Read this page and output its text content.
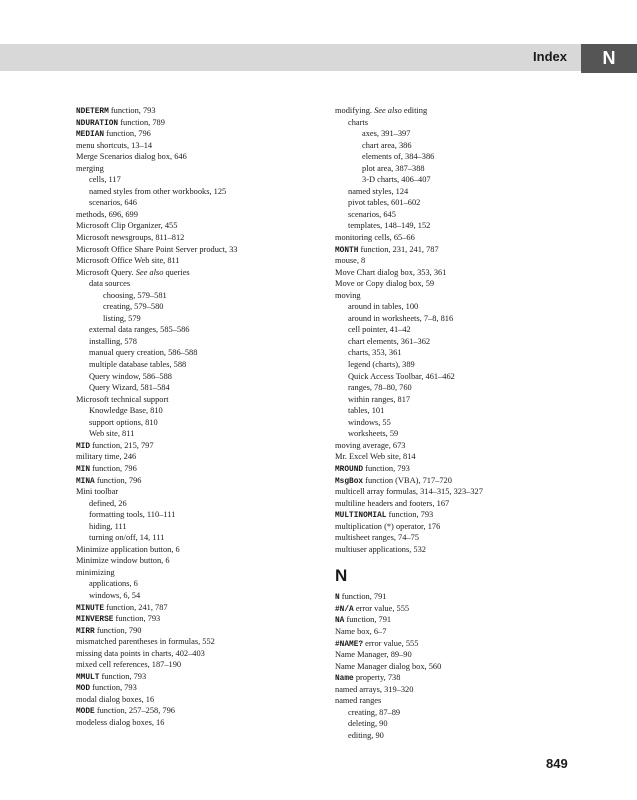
Index	N
NDETERM function, 793
NDURATION function, 789
MEDIAN function, 796
menu shortcuts, 13–14
Merge Scenarios dialog box, 646
merging
cells, 117
named styles from other workbooks, 125
scenarios, 646
methods, 696, 699
Microsoft Clip Organizer, 455
Microsoft newsgroups, 811–812
Microsoft Office Share Point Server product, 33
Microsoft Office Web site, 811
Microsoft Query. See also queries
data sources
choosing, 579–581
creating, 579–580
listing, 579
external data ranges, 585–586
installing, 578
manual query creation, 586–588
multiple database tables, 588
Query window, 586–588
Query Wizard, 581–584
Microsoft technical support
Knowledge Base, 810
support options, 810
Web site, 811
MID function, 215, 797
military time, 246
MIN function, 796
MINA function, 796
Mini toolbar
defined, 26
formatting tools, 110–111
hiding, 111
turning on/off, 14, 111
Minimize application button, 6
Minimize window button, 6
minimizing
applications, 6
windows, 6, 54
MINUTE function, 241, 787
MINVERSE function, 793
MIRR function, 790
mismatched parentheses in formulas, 552
missing data points in charts, 402–403
mixed cell references, 187–190
MMULT function, 793
MOD function, 793
modal dialog boxes, 16
MODE function, 257–258, 796
modeless dialog boxes, 16
modifying. See also editing
charts
axes, 391–397
chart area, 386
elements of, 384–386
plot area, 387–388
3-D charts, 406–407
named styles, 124
pivot tables, 601–602
scenarios, 645
templates, 148–149, 152
monitoring cells, 65–66
MONTH function, 231, 241, 787
mouse, 8
Move Chart dialog box, 353, 361
Move or Copy dialog box, 59
moving
around in tables, 100
around in worksheets, 7–8, 816
cell pointer, 41–42
chart elements, 361–362
charts, 353, 361
legend (charts), 389
Quick Access Toolbar, 461–462
ranges, 78–80, 760
within ranges, 817
tables, 101
windows, 55
worksheets, 59
moving average, 673
Mr. Excel Web site, 814
MROUND function, 793
MsgBox function (VBA), 717–720
multicell array formulas, 314–315, 323–327
multiline headers and footers, 167
MULTINOMIAL function, 793
multiplication (*) operator, 176
multisheet ranges, 74–75
multiuser applications, 532
N
N function, 791
#N/A error value, 555
NA function, 791
Name box, 6–7
#NAME? error value, 555
Name Manager, 89–90
Name Manager dialog box, 560
Name property, 738
named arrays, 319–320
named ranges
creating, 87–89
deleting, 90
editing, 90
849
